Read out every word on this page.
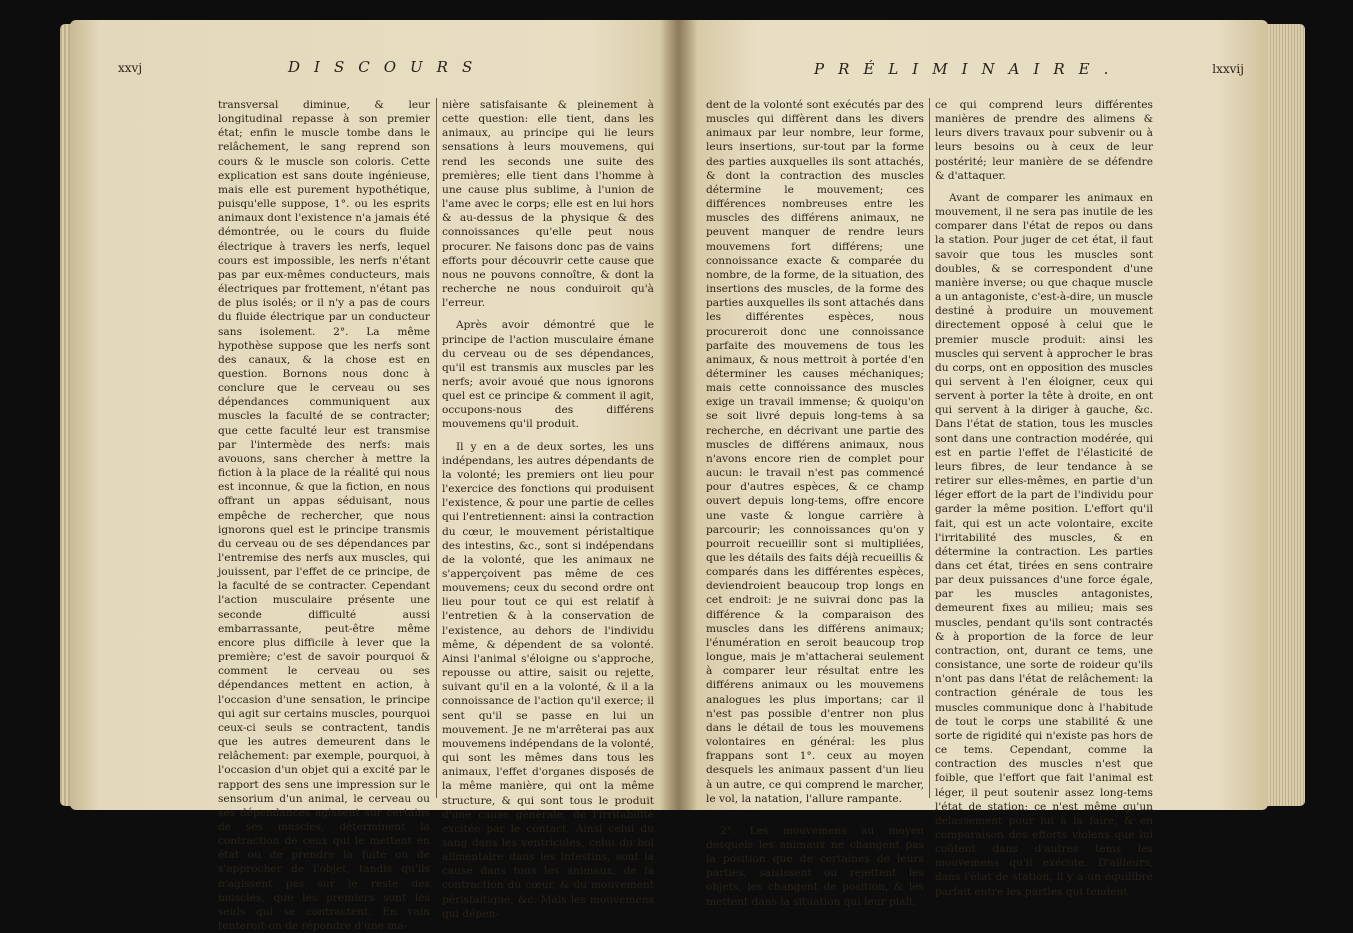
xxvj	DISCOURS

transversal diminue, & leur longitudinal repasse à son premier état; enfin le muscle tombe dans le relâchement, le sang reprend son cours & le muscle son coloris. Cette explication est sans doute ingénieuse, mais elle est purement hypothétique, puisqu'elle suppose, 1°. ou les esprits animaux dont l'existence n'a jamais été démontrée, ou le cours du fluide électrique à travers les nerfs, lequel cours est impossible, les nerfs n'étant pas par eux-mêmes conducteurs, mais électriques par frottement, n'étant pas de plus isolés; or il n'y a pas de cours du fluide électrique par un conducteur sans isolement. 2°. La même hypothèse suppose que les nerfs sont des canaux, & la chose est en question. Bornons nous donc à conclure que le cerveau ou ses dépendances communiquent aux muscles la faculté de se contracter; que cette faculté leur est transmise par l'intermède des nerfs: mais avouons, sans chercher à mettre la fiction à la place de la réalité qui nous est inconnue, & que la fiction, en nous offrant un appas séduisant, nous empêche de rechercher, que nous ignorons quel est le principe transmis du cerveau ou de ses dépendances par l'entremise des nerfs aux muscles, qui jouissent, par l'effet de ce principe, de la faculté de se contracter. Cependant l'action musculaire présente une seconde difficulté aussi embarrassante, peut-être même encore plus difficile à lever que la première; c'est de savoir pourquoi & comment le cerveau ou ses dépendances mettent en action, à l'occasion d'une sensation, le principe qui agit sur certains muscles, pourquoi ceux-ci seuls se contractent, tandis que les autres demeurent dans le relâchement: par exemple, pourquoi, à l'occasion d'un objet qui a excité par le rapport des sens une impression sur le sensorium d'un animal, le cerveau ou ses dépendances agissent sur certains de ses muscles, déterminent la contraction de ceux qui le mettent en état ou de prendre la fuite ou de s'approcher de l'objet, tandis qu'ils n'agissent pas sur le reste des muscles, que les premiers sont les seuls qui se contractent. En vain tenteroit-on de répondre d'une ma-

nière satisfaisante & pleinement à cette question: elle tient, dans les animaux, au principe qui lie leurs sensations à leurs mouvemens, qui rend les seconds une suite des premières; elle tient dans l'homme à une cause plus sublime, à l'union de l'ame avec le corps; elle est en lui hors & au-dessus de la physique & des connoissances qu'elle peut nous procurer. Ne faisons donc pas de vains efforts pour découvrir cette cause que nous ne pouvons connoître, & dont la recherche ne nous conduiroit qu'à l'erreur.

Après avoir démontré que le principe de l'action musculaire émane du cerveau ou de ses dépendances, qu'il est transmis aux muscles par les nerfs; avoir avoué que nous ignorons quel est ce principe & comment il agit, occupons-nous des différens mouvemens qu'il produit.

Il y en a de deux sortes, les uns indépendans, les autres dépendants de la volonté; les premiers ont lieu pour l'exercice des fonctions qui produisent l'existence, & pour une partie de celles qui l'entretiennent: ainsi la contraction du cœur, le mouvement péristaltique des intestins, &c., sont si indépendans de la volonté, que les animaux ne s'apperçoivent pas même de ces mouvemens; ceux du second ordre ont lieu pour tout ce qui est relatif à l'entretien & à la conservation de l'existence, au dehors de l'individu même, & dépendent de sa volonté. Ainsi l'animal s'éloigne ou s'approche, repousse ou attire, saisit ou rejette, suivant qu'il en a la volonté, & il a la connoissance de l'action qu'il exerce; il sent qu'il se passe en lui un mouvement. Je ne m'arrêterai pas aux mouvemens indépendans de la volonté, qui sont les mêmes dans tous les animaux, l'effet d'organes disposés de la même manière, qui ont la même structure, & qui sont tous le produit d'une cause générale, de l'irritabilité excitée par le contact. Ainsi celui du sang dans les ventricules, celui du bol alimentaire dans les intestins, sont la cause dans tous les animaux, de la contraction du cœur, & du mouvement péristaltique, &c. Mais les mouvemens qui dépen-

PRÉLIMINAIRE.	lxxvij

dent de la volonté sont exécutés par des muscles qui diffèrent dans les divers animaux par leur nombre, leur forme, leurs insertions, sur-tout par la forme des parties auxquelles ils sont attachés, & dont la contraction des muscles détermine le mouvement; ces différences nombreuses entre les muscles des différens animaux, ne peuvent manquer de rendre leurs mouvemens fort différens; une connoissance exacte & comparée du nombre, de la forme, de la situation, des insertions des muscles, de la forme des parties auxquelles ils sont attachés dans les différentes espèces, nous procureroit donc une connoissance parfaite des mouvemens de tous les animaux, & nous mettroit à portée d'en déterminer les causes méchaniques; mais cette connoissance des muscles exige un travail immense; & quoiqu'on se soit livré depuis long-tems à sa recherche, en décrivant une partie des muscles de différens animaux, nous n'avons encore rien de complet pour aucun: le travail n'est pas commencé pour d'autres espèces, & ce champ ouvert depuis long-tems, offre encore une vaste & longue carrière à parcourir; les connoissances qu'on y pourroit recueillir sont si multipliées, que les détails des faits déjà recueillis & comparés dans les différentes espèces, deviendroient beaucoup trop longs en cet endroit: je ne suivrai donc pas la différence & la comparaison des muscles dans les différens animaux; l'énumération en seroit beaucoup trop longue, mais je m'attacherai seulement à comparer leur résultat entre les différens animaux ou les mouvemens analogues les plus importans; car il n'est pas possible d'entrer non plus dans le détail de tous les mouvemens volontaires en général: les plus frappans sont 1°. ceux au moyen desquels les animaux passent d'un lieu à un autre, ce qui comprend le marcher, le vol, la natation, l'allure rampante.

2°. Les mouvemens au moyen desquels les animaux ne changent pas la position que de certaines de leurs parties, saisissent ou rejettent les objets, les changent de position, & les mettent dans la situation qui leur plaît,

ce qui comprend leurs différentes manières de prendre des alimens & leurs divers travaux pour subvenir ou à leurs besoins ou à ceux de leur postérité; leur manière de se défendre & d'attaquer.

Avant de comparer les animaux en mouvement, il ne sera pas inutile de les comparer dans l'état de repos ou dans la station. Pour juger de cet état, il faut savoir que tous les muscles sont doubles, & se correspondent d'une manière inverse; ou que chaque muscle a un antagoniste, c'est-à-dire, un muscle destiné à produire un mouvement directement opposé à celui que le premier muscle produit: ainsi les muscles qui servent à approcher le bras du corps, ont en opposition des muscles qui servent à l'en éloigner, ceux qui servent à porter la tête à droite, en ont qui servent à la diriger à gauche, &c. Dans l'état de station, tous les muscles sont dans une contraction modérée, qui est en partie l'effet de l'élasticité de leurs fibres, de leur tendance à se retirer sur elles-mêmes, en partie d'un léger effort de la part de l'individu pour garder la même position. L'effort qu'il fait, qui est un acte volontaire, excite l'irritabilité des muscles, & en détermine la contraction. Les parties dans cet état, tirées en sens contraire par deux puissances d'une force égale, par les muscles antagonistes, demeurent fixes au milieu; mais ses muscles, pendant qu'ils sont contractés & à proportion de la force de leur contraction, ont, durant ce tems, une consistance, une sorte de roideur qu'ils n'ont pas dans l'état de relâchement: la contraction générale de tous les muscles communique donc à l'habitude de tout le corps une stabilité & une sorte de rigidité qui n'existe pas hors de ce tems. Cependant, comme la contraction des muscles n'est que foible, que l'effort que fait l'animal est léger, il peut soutenir assez long-tems l'état de station; ce n'est même qu'un délassement pour lui à la faire, & en comparaison des efforts violens que lui coûtent dans d'autres tems les mouvemens qu'il exécute. D'ailleurs, dans l'état de station, il y a un équilibre parfait entre les parties qui tendent
